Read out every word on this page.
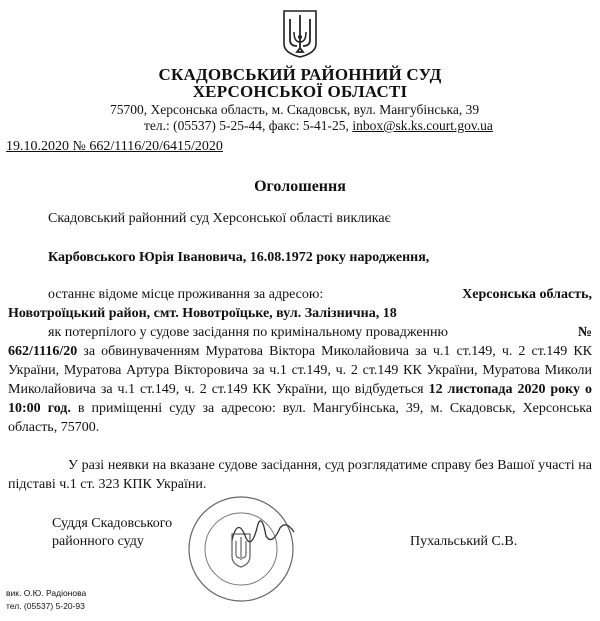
СКАДОВСЬКИЙ РАЙОННИЙ СУД
ХЕРСОНСЬКОЇ ОБЛАСТІ
75700, Херсонська область, м. Скадовськ, вул. Мангубінська, 39
тел.: (05537) 5-25-44, факс: 5-41-25, inbox@sk.ks.court.gov.ua
19.10.2020 № 662/1116/20/6415/2020
Оголошення
Скадовський районний суд Херсонської області викликає
Карбовського Юрія Івановича, 16.08.1972 року народження,
останнє відоме місце проживання за адресою:	Херсонська область,
Новотроїцький район, смт. Новотроїцьке, вул. Залізнична, 18
як потерпілого у судове засідання по кримінальному провадженню	№
662/1116/20 за обвинуваченням Муратова Віктора Миколайовича за ч.1 ст.149, ч. 2 ст.149 КК України, Муратова Артура Вікторовича за ч.1 ст.149, ч. 2 ст.149 КК України, Муратова Миколи Миколайовича за ч.1 ст.149, ч. 2 ст.149 КК України, що відбудеться 12 листопада 2020 року о 10:00 год. в приміщенні суду за адресою: вул. Мангубінська, 39, м. Скадовськ, Херсонська область, 75700.
У разі неявки на вказане судове засідання, суд розглядатиме справу без Вашої участі на підставі ч.1 ст. 323 КПК України.
Суддя Скадовського
районного суду	Пухальський С.В.
вик. О.Ю. Радіонова
тел. (05537) 5-20-93
